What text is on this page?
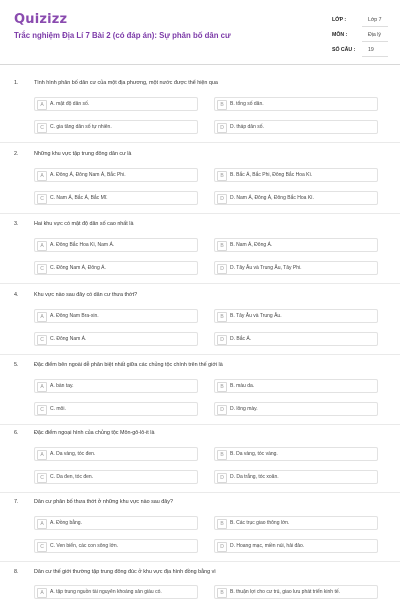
Quizizz
Trắc nghiệm Địa Lí 7 Bài 2 (có đáp án): Sự phân bố dân cư
LỚP :	Lớp 7
MÔN :	Địa lý
SỐ CÂU : 19
1.	Tình hình phân bố dân cư của một địa phương, một nước được thể hiện qua
A	A. mật độ dân số.	B	B. tổng số dân.
C	C. gia tăng dân số tự nhiên.	D	D. tháp dân số.
2.	Những khu vực tập trung đông dân cư là
A	A. Đông Á, Đông Nam Á, Bắc Phi.	B	B. Bắc Á, Bắc Phi, Đông Bắc Hoa Kì.
C	C. Nam Á, Bắc Á, Bắc Mĩ.	D	D. Nam Á, Đông Á, Đông Bắc Hoa Kì.
3.	Hai khu vực có mật độ dân số cao nhất là
A	A. Đông Bắc Hoa Kì, Nam Á.	B	B. Nam Á, Đông Á.
C	C. Đông Nam Á, Đông Á.	D	D. Tây Âu và Trung Âu, Tây Phi.
4.	Khu vực nào sau đây có dân cư thưa thớt?
A	A. Đông Nam Bra-xin.	B	B. Tây Âu và Trung Âu.
C	C. Đông Nam Á.	D	D. Bắc Á.
5.	Đặc điểm bên ngoài dễ phân biệt nhất giữa các chủng tộc chính trên thế giới là
A	A. bàn tay.	B	B. màu da.
C	C. môi.	D	D. lông mày.
6.	Đặc điểm ngoại hình của chủng tộc Môn-gô-lô-it là
A	A. Da vàng, tóc đen.	B	B. Da vàng, tóc vàng.
C	C. Da đen, tóc đen.	D	D. Da trắng, tóc xoăn.
7.	Dân cư phân bố thưa thớt ở những khu vực nào sau đây?
A	A. Đồng bằng.	B	B. Các trục giao thông lớn.
C	C. Ven biển, các con sông lớn.	D	D. Hoang mạc, miền núi, hải đảo.
8.	Dân cư thế giới thường tập trung đông đúc ở khu vực địa hình đồng bằng vì
A	A. tập trung nguồn tài nguyên khoáng sản giàu có.	B	B. thuận lợi cho cư trú, giao lưu phát triển kinh tế.
